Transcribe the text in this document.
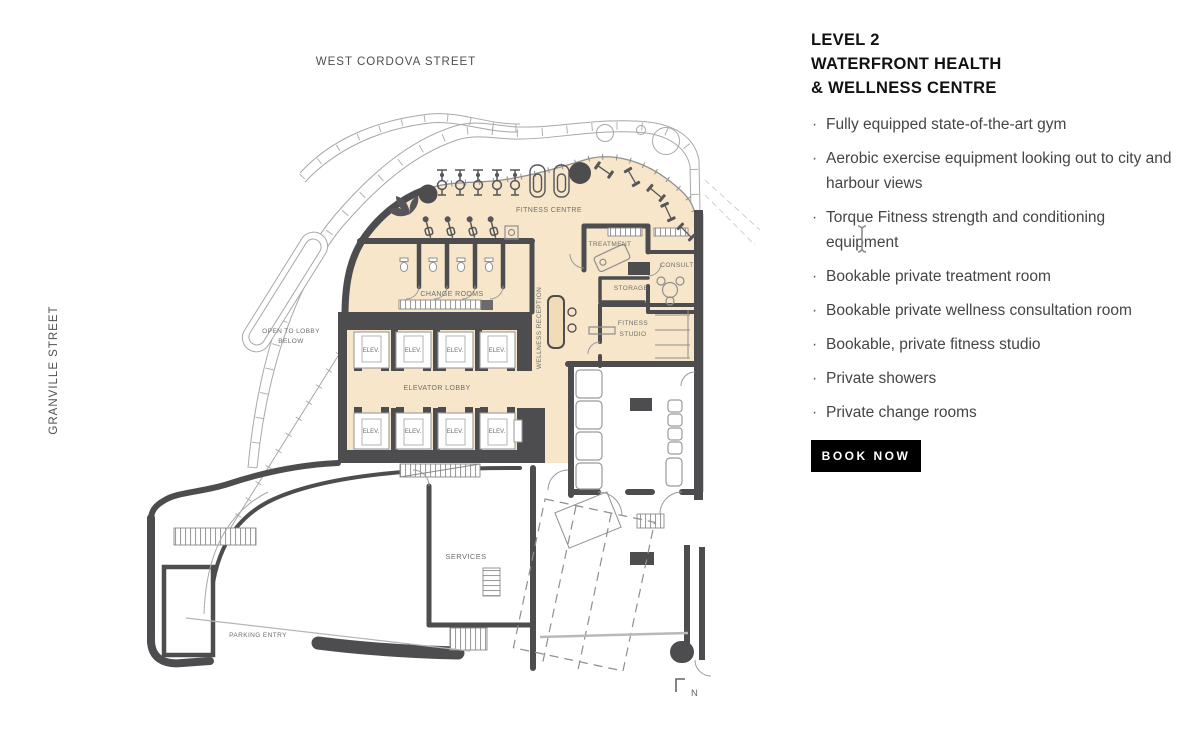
WEST CORDOVA STREET
GRANVILLE STREET	ELEV.	ELEV.	ELEV.	ELEV.
ELEV.	ELEV.	ELEV.	ELEV.
FITNESS CENTRE
TREATMENT
CONSULT
STORAGE
FITNESS
STUDIO
CHANGE ROOMS	WELLNESS RECEPTION
ELEVATOR LOBBY
OPEN TO LOBBY
BELOW
SERVICES
PARKING ENTRY
N
LEVEL 2
WATERFRONT HEALTH
& WELLNESS CENTRE
· Fully equipped state-of-the-art gym
· Aerobic exercise equipment looking out to city and harbour views
· Torque Fitness strength and conditioning equipment
· Bookable private treatment room
· Bookable private wellness consultation room
· Bookable, private fitness studio
· Private showers
· Private change rooms
BOOK NOW
